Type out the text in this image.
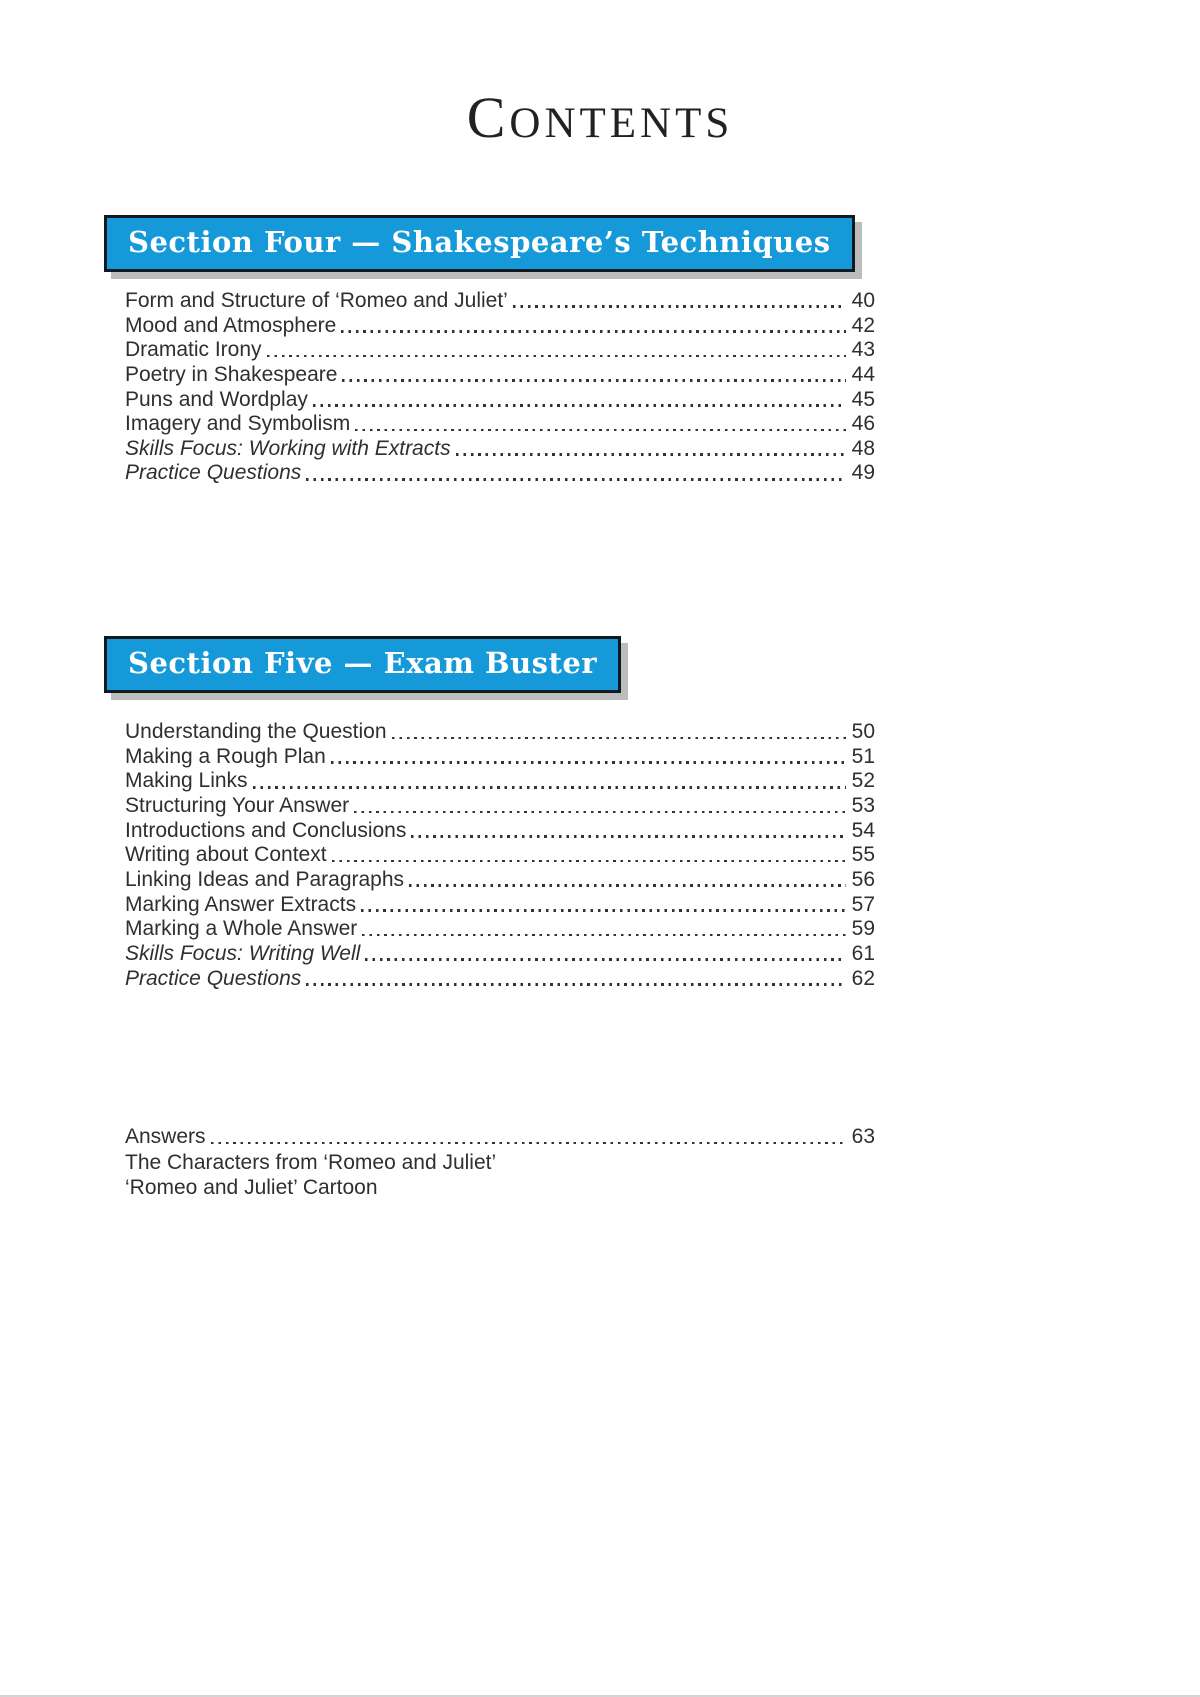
CONTENTS
Section Four — Shakespeare’s Techniques
Form and Structure of ‘Romeo and Juliet’	40
Mood and Atmosphere	42
Dramatic Irony	43
Poetry in Shakespeare	44
Puns and Wordplay	45
Imagery and Symbolism	46
Skills Focus: Working with Extracts	48
Practice Questions	49
Section Five — Exam Buster
Understanding the Question	50
Making a Rough Plan	51
Making Links	52
Structuring Your Answer	53
Introductions and Conclusions	54
Writing about Context	55
Linking Ideas and Paragraphs	56
Marking Answer Extracts	57
Marking a Whole Answer	59
Skills Focus: Writing Well	61
Practice Questions	62
Answers	63
The Characters from ‘Romeo and Juliet’
‘Romeo and Juliet’ Cartoon
